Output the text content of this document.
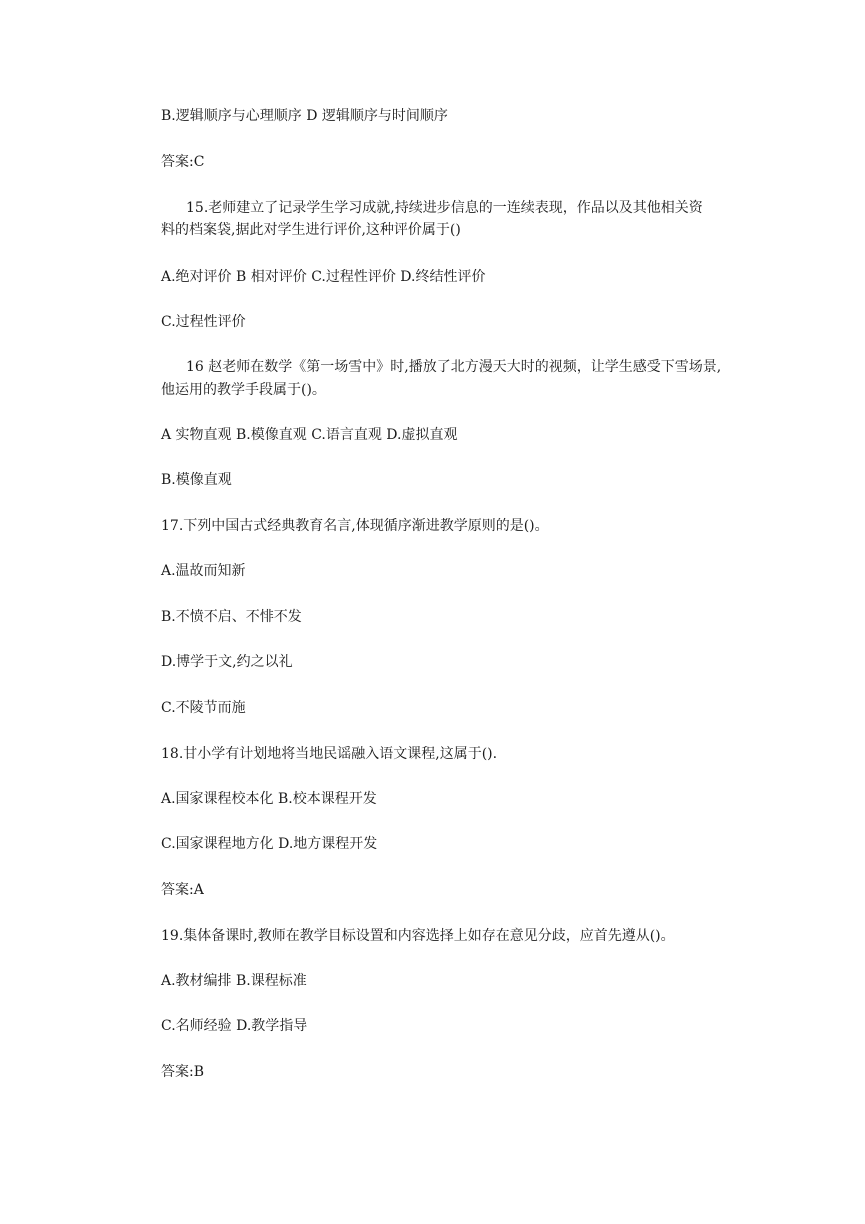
B.逻辑顺序与心理顺序 D 逻辑顺序与时间顺序
答案:C
15.老师建立了记录学生学习成就,持续进步信息的一连续表现，作品以及其他相关资
料的档案袋,据此对学生进行评价,这种评价属于()
A.绝对评价 B 相对评价 C.过程性评价 D.终结性评价
C.过程性评价
16 赵老师在数学《第一场雪中》时,播放了北方漫天大时的视频，让学生感受下雪场景,
他运用的教学手段属于()。
A 实物直观 B.模像直观 C.语言直观 D.虚拟直观
B.模像直观
17.下列中国古式经典教育名言,体现循序渐进教学原则的是()。
A.温故而知新
B.不愤不启、不悱不发
D.博学于文,约之以礼
C.不陵节而施
18.甘小学有计划地将当地民谣融入语文课程,这属于().
A.国家课程校本化 B.校本课程开发
C.国家课程地方化 D.地方课程开发
答案:A
19.集体备课时,教师在教学目标设置和内容选择上如存在意见分歧，应首先遵从()。
A.教材编排 B.课程标准
C.名师经验 D.教学指导
答案:B
